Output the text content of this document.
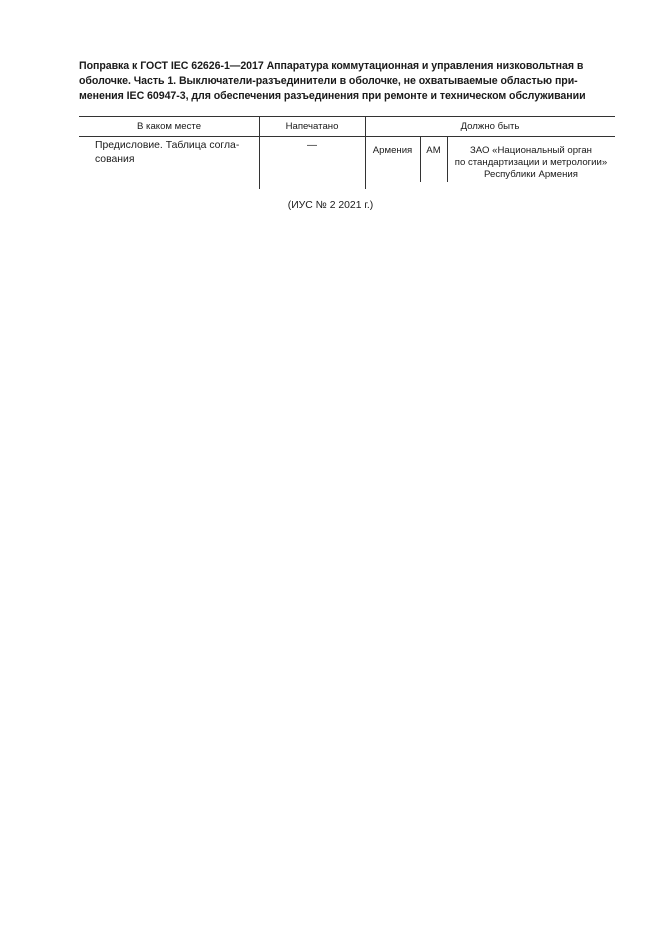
Поправка к ГОСТ IEC 62626-1—2017 Аппаратура коммутационная и управления низковольтная в
оболочке. Часть 1. Выключатели-разъединители в оболочке, не охватываемые областью при-
менения IEC 60947-3, для обеспечения разъединения при ремонте и техническом обслуживании
В каком месте	Напечатано	Должно быть
Предисловие. Таблица согла-
сования
—	Армения	AM	ЗАО «Национальный орган
по стандартизации и метрологии»
Республики Армения
(ИУС № 2 2021 г.)
